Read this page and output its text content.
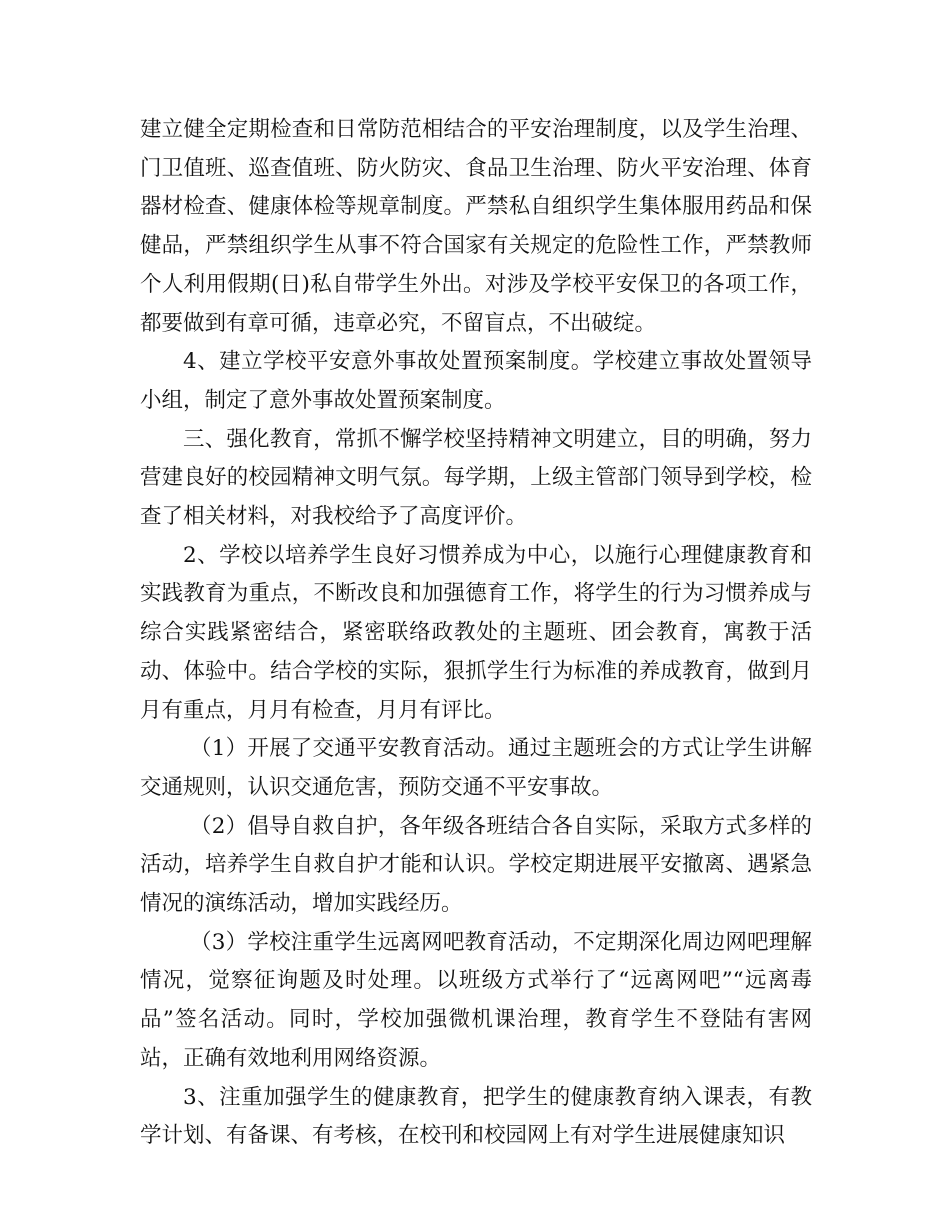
建立健全定期检查和日常防范相结合的平安治理制度，以及学生治理、门卫值班、巡查值班、防火防灾、食品卫生治理、防火平安治理、体育器材检查、健康体检等规章制度。严禁私自组织学生集体服用药品和保健品，严禁组织学生从事不符合国家有关规定的危险性工作，严禁教师个人利用假期(日)私自带学生外出。对涉及学校平安保卫的各项工作，都要做到有章可循，违章必究，不留盲点，不出破绽。

4、建立学校平安意外事故处置预案制度。学校建立事故处置领导小组，制定了意外事故处置预案制度。

三、强化教育，常抓不懈学校坚持精神文明建立，目的明确，努力营建良好的校园精神文明气氛。每学期，上级主管部门领导到学校，检查了相关材料，对我校给予了高度评价。

2、学校以培养学生良好习惯养成为中心，以施行心理健康教育和实践教育为重点，不断改良和加强德育工作，将学生的行为习惯养成与综合实践紧密结合，紧密联络政教处的主题班、团会教育，寓教于活动、体验中。结合学校的实际，狠抓学生行为标准的养成教育，做到月月有重点，月月有检查，月月有评比。

（1）开展了交通平安教育活动。通过主题班会的方式让学生讲解交通规则，认识交通危害，预防交通不平安事故。

（2）倡导自救自护，各年级各班结合各自实际，采取方式多样的活动，培养学生自救自护才能和认识。学校定期进展平安撤离、遇紧急情况的演练活动，增加实践经历。

（3）学校注重学生远离网吧教育活动，不定期深化周边网吧理解情况，觉察征询题及时处理。以班级方式举行了“远离网吧”“远离毒品”签名活动。同时，学校加强微机课治理，教育学生不登陆有害网站，正确有效地利用网络资源。

3、注重加强学生的健康教育，把学生的健康教育纳入课表，有教学计划、有备课、有考核，在校刊和校园网上有对学生进展健康知识
